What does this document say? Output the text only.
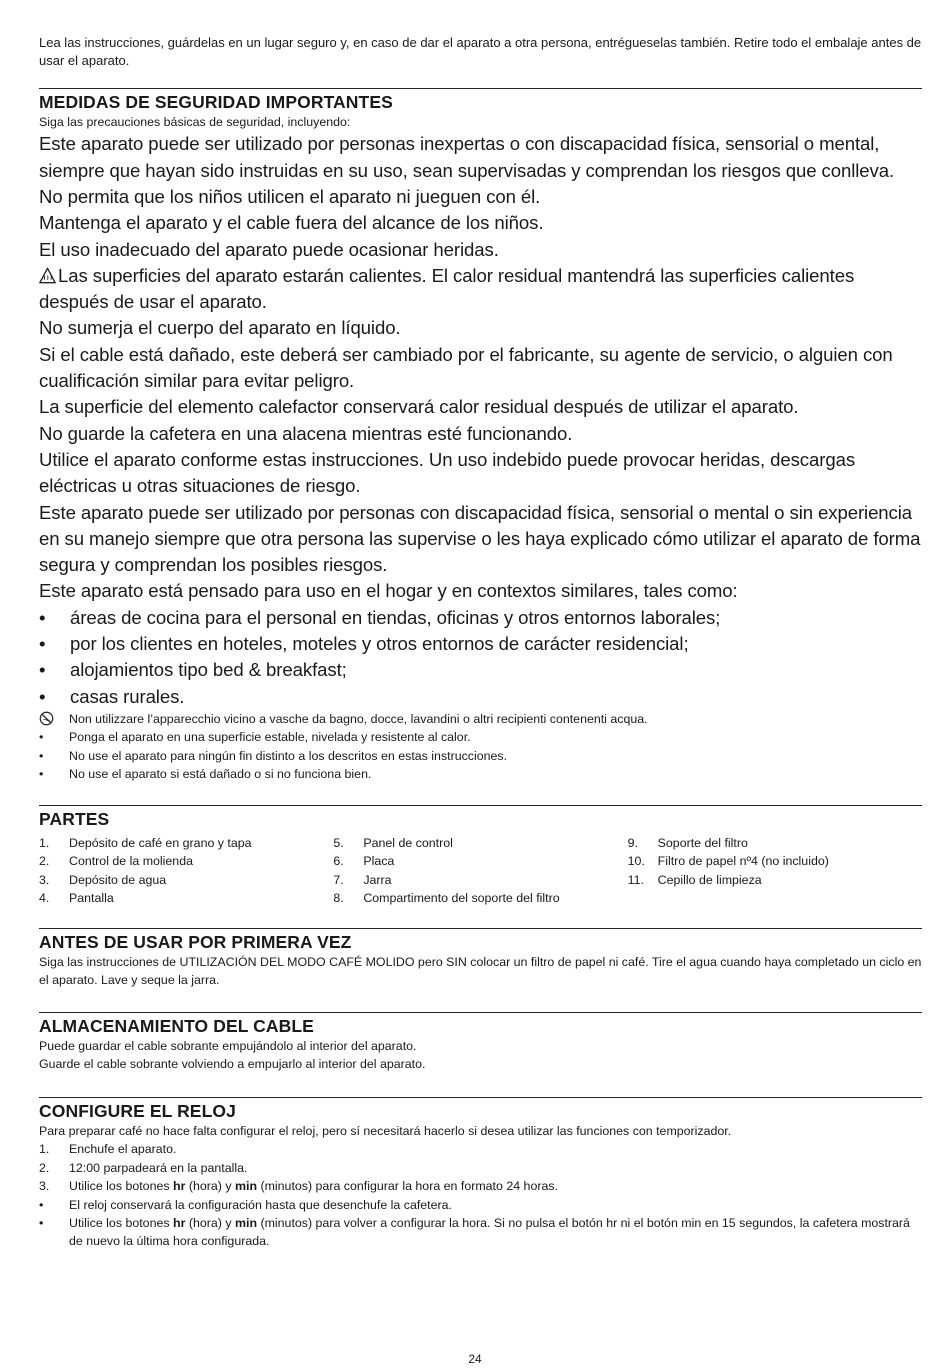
Lea las instrucciones, guárdelas en un lugar seguro y, en caso de dar el aparato a otra persona, entrégueselas también. Retire todo el embalaje antes de usar el aparato.
MEDIDAS DE SEGURIDAD IMPORTANTES
Siga las precauciones básicas de seguridad, incluyendo:

Este aparato puede ser utilizado por personas inexpertas o con discapacidad física, sensorial o mental, siempre que hayan sido instruidas en su uso, sean supervisadas y comprendan los riesgos que conlleva.

No permita que los niños utilicen el aparato ni jueguen con él.

Mantenga el aparato y el cable fuera del alcance de los niños.

El uso inadecuado del aparato puede ocasionar heridas.

Las superficies del aparato estarán calientes. El calor residual mantendrá las superficies calientes después de usar el aparato.

No sumerja el cuerpo del aparato en líquido.

Si el cable está dañado, este deberá ser cambiado por el fabricante, su agente de servicio, o alguien con cualificación similar para evitar peligro.

La superficie del elemento calefactor conservará calor residual después de utilizar el aparato.

No guarde la cafetera en una alacena mientras esté funcionando.

Utilice el aparato conforme estas instrucciones. Un uso indebido puede provocar heridas, descargas eléctricas u otras situaciones de riesgo.

Este aparato puede ser utilizado por personas con discapacidad física, sensorial o mental o sin experiencia en su manejo siempre que otra persona las supervise o les haya explicado cómo utilizar el aparato de forma segura y comprendan los posibles riesgos.

Este aparato está pensado para uso en el hogar y en contextos similares, tales como:

•	áreas de cocina para el personal en tiendas, oficinas y otros entornos laborales;
•	por los clientes en hoteles, moteles y otros entornos de carácter residencial;
•	alojamientos tipo bed & breakfast;
•	casas rurales.
Non utilizzare l’apparecchio vicino a vasche da bagno, docce, lavandini o altri recipienti contenenti acqua.
•	Ponga el aparato en una superficie estable, nivelada y resistente al calor.
•	No use el aparato para ningún fin distinto a los descritos en estas instrucciones.
•	No use el aparato si está dañado o si no funciona bien.
PARTES
1.	Depósito de café en grano y tapa
2.	Control de la molienda
3.	Depósito de agua
4.	Pantalla
5.	Panel de control
6.	Placa
7.	Jarra
8.	Compartimento del soporte del filtro
9.	Soporte del filtro
10.	Filtro de papel nº4 (no incluido)
11.	Cepillo de limpieza
ANTES DE USAR POR PRIMERA VEZ
Siga las instrucciones de UTILIZACIÓN DEL MODO CAFÉ MOLIDO pero SIN colocar un filtro de papel ni café. Tire el agua cuando haya completado un ciclo en el aparato. Lave y seque la jarra.
ALMACENAMIENTO DEL CABLE

Puede guardar el cable sobrante empujándolo al interior del aparato.

Guarde el cable sobrante volviendo a empujarlo al interior del aparato.

CONFIGURE EL RELOJ

Para preparar café no hace falta configurar el reloj, pero sí necesitará hacerlo si desea utilizar las funciones con temporizador.

1.	Enchufe el aparato.
2.	12:00 parpadeará en la pantalla.
3.	Utilice los botones hr (hora) y min (minutos) para configurar la hora en formato 24 horas.
•	El reloj conservará la configuración hasta que desenchufe la cafetera.
•	Utilice los botones hr (hora) y min (minutos) para volver a configurar la hora. Si no pulsa el botón hr ni el botón min en 15 segundos, la cafetera mostrará de nuevo la última hora configurada.
24
